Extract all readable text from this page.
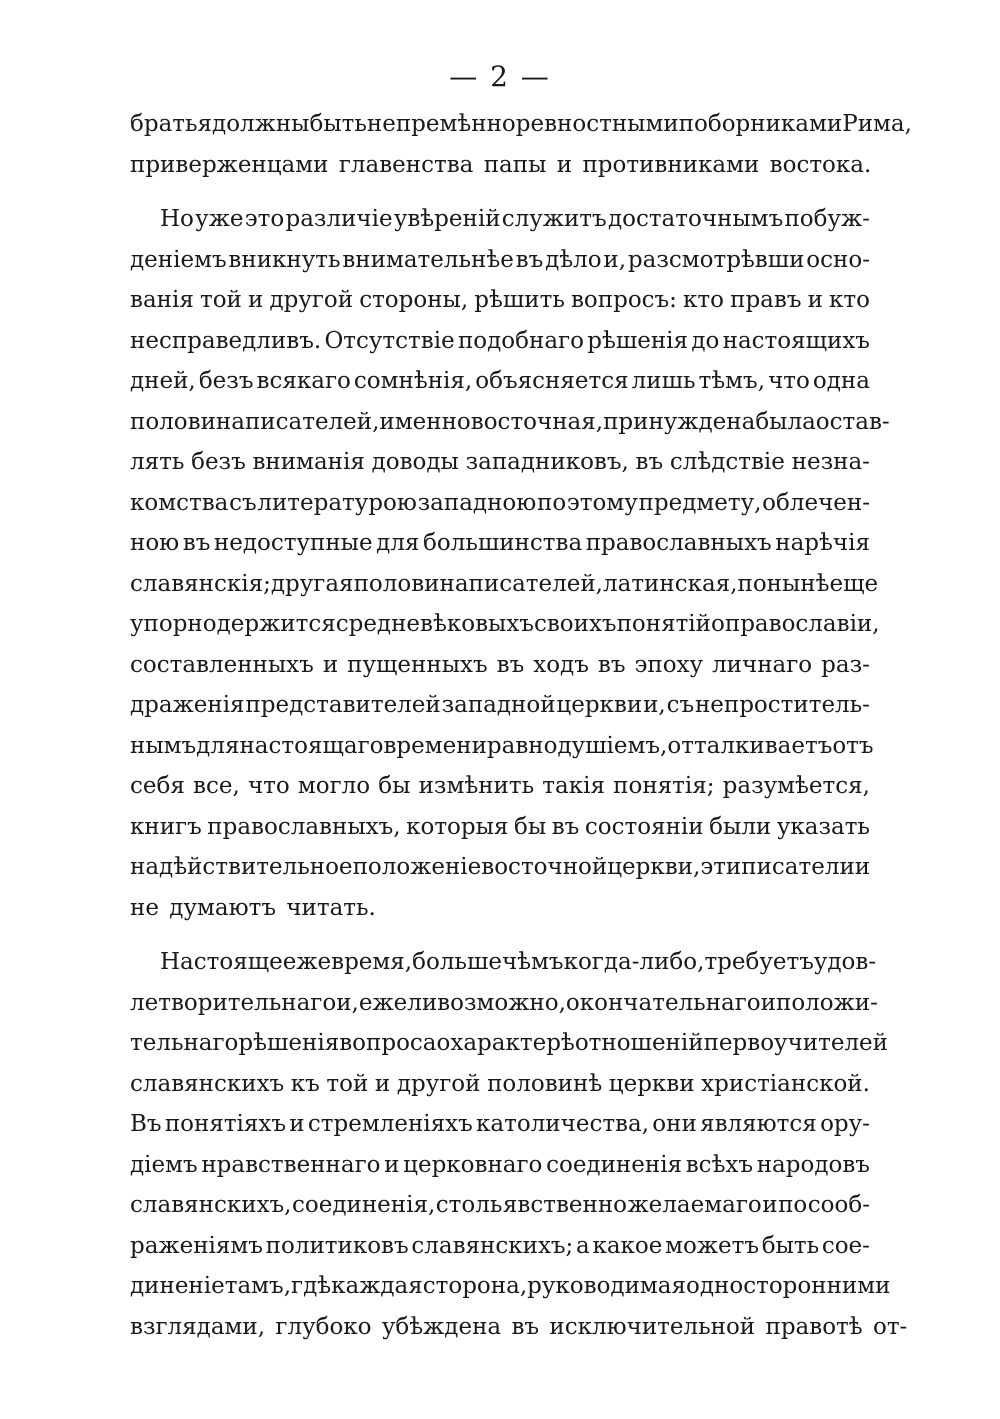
— 2 —
братья должны быть непремѣнно ревностными поборниками Рима,
приверженцами главенства папы и противниками востока.
Но уже это различіе увѣреній служитъ достаточнымъ побуж-
деніемъ вникнуть внимательнѣе въ дѣло и, разсмотрѣвши осно-
ванія той и другой стороны, рѣшить вопросъ: кто правъ и кто
несправедливъ. Отсутствіе подобнаго рѣшенія до настоящихъ
дней, безъ всякаго сомнѣнія, объясняется лишь тѣмъ, что одна
половина писателей, именно восточная, принуждена была остав-
лять безъ вниманія доводы западниковъ, въ слѣдствіе незна-
комства съ литературою западною по этому предмету, облечен-
ною въ недоступные для большинства православныхъ нарѣчія
славянскія; другая половина писателей, латинская, понынѣ еще
упорно держится средневѣковыхъ своихъ понятій о православіи,
составленныхъ и пущенныхъ въ ходъ въ эпоху личнаго раз-
драженія представителей западной церкви и, съ непроститель-
нымъ для настоящаго времени равнодушіемъ, отталкиваетъ отъ
себя все, что могло бы измѣнить такія понятія; разумѣется,
книгъ православныхъ, которыя бы въ состояніи были указать
на дѣйствительное положеніе восточной церкви, эти писатели и
не думаютъ читать.
Настоящее же время, больше чѣмъ когда-либо, требуетъ удов-
летворительнаго и, ежели возможно, окончательнаго и положи-
тельнаго рѣшенія вопроса о характерѣ отношеній первоучителей
славянскихъ къ той и другой половинѣ церкви христіанской.
Въ понятіяхъ и стремленіяхъ католичества, они являются ору-
діемъ нравственнаго и церковнаго соединенія всѣхъ народовъ
славянскихъ, соединенія, столь явственно желаемаго и по сооб-
раженіямъ политиковъ славянскихъ; а какое можетъ быть сое-
диненіе тамъ, гдѣ каждая сторона, руководимая односторонними
взглядами, глубоко убѣждена въ исключительной правотѣ от-
